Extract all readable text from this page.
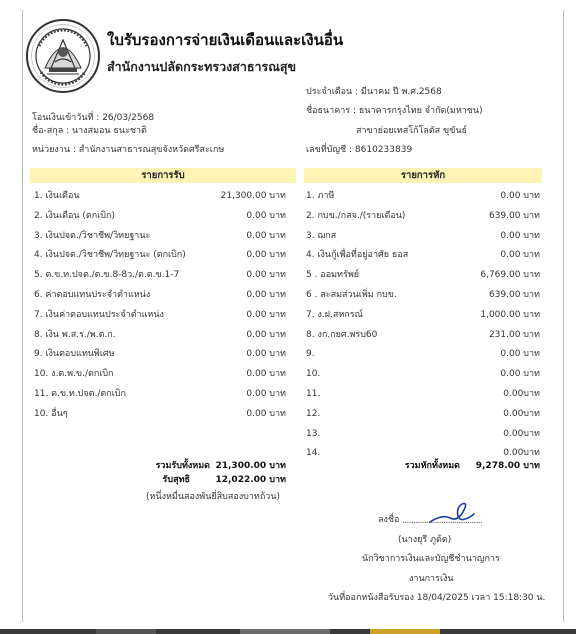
ใบรับรองการจ่ายเงินเดือนและเงินอื่น
สำนักงานปลัดกระทรวงสาธารณสุข
โอนเงินเข้าวันที่ : 26/03/2568
ชื่อ-สกุล : นางสมอน ธนะชาติ
หน่วยงาน : สำนักงานสาธารณสุขจังหวัดศรีสะเกษ
ประจำเดือน : มีนาคม ปี พ.ศ.2568
ชื่อธนาคาร : ธนาคารกรุงไทย จำกัด(มหาชน)
สาขาย่อยเทสโก้โลตัส ขุขันธ์
เลขที่บัญชี : 8610233839
รายการรับ	รายการหัก
1. เงินเดือน	21,300.00 บาท
2. เงินเดือน (ตกเบิก)	0.00 บาท
3. เงินปจต./วิชาชีพ/วิทยฐานะ	0.00 บาท
4. เงินปจต./วิชาชีพ/วิทยฐานะ (ตกเบิก)	0.00 บาท
5. ต.ข.ท.ปจต./ต.ข.8-8ว./ต.ต.ข.1-7	0.00 บาท
6. ค่าตอบแทนประจำตำแหน่ง	0.00 บาท
7. เงินค่าตอบแทนประจำตำแหน่ง	0.00 บาท
8. เงิน พ.ส.ร./พ.ต.ก.	0.00 บาท
9. เงินตอบแทนพิเศษ	0.00 บาท
10. ง.ต.พ.ข./ตกเบิก	0.00 บาท
11. ต.ข.ท.ปจต./ตกเบิก	0.00 บาท
10. อื่นๆ	0.00 บาท
1. ภาษี	0.00 บาท
2. กบข./กสจ./(รายเดือน)	639.00 บาท
3. ฌกส	0.00 บาท
4. เงินกู้เพื่อที่อยู่อาศัย ธอส	0.00 บาท
5 . ออมทรัพย์	6,769.00 บาท
6 . สะสมส่วนเพิ่ม กบข.	639.00 บาท
7. ง.ฝ.สหกรณ์	1,000.00 บาท
8. งก.กยศ.พรบ60	231.00 บาท
9.	0.00 บาท
10.	0.00 บาท
11.	0.00บาท
12.	0.00บาท
13.	0.00บาท
14.	0.00บาท
รวมรับทั้งหมด 21,300.00 บาท
รับสุทธิ	12,022.00 บาท
(หนึ่งหมื่นสองพันยี่สิบสองบาทถ้วน)
รวมหักทั้งหมด	9,278.00 บาท
ลงชื่อ ...........................................
(นางยุรี ภูต้ด)
นักวิชาการเงินและบัญชีชำนาญการ
งานการเงิน
วันที่ออกหนังสือรับรอง 18/04/2025 เวลา 15:18:30 น.
